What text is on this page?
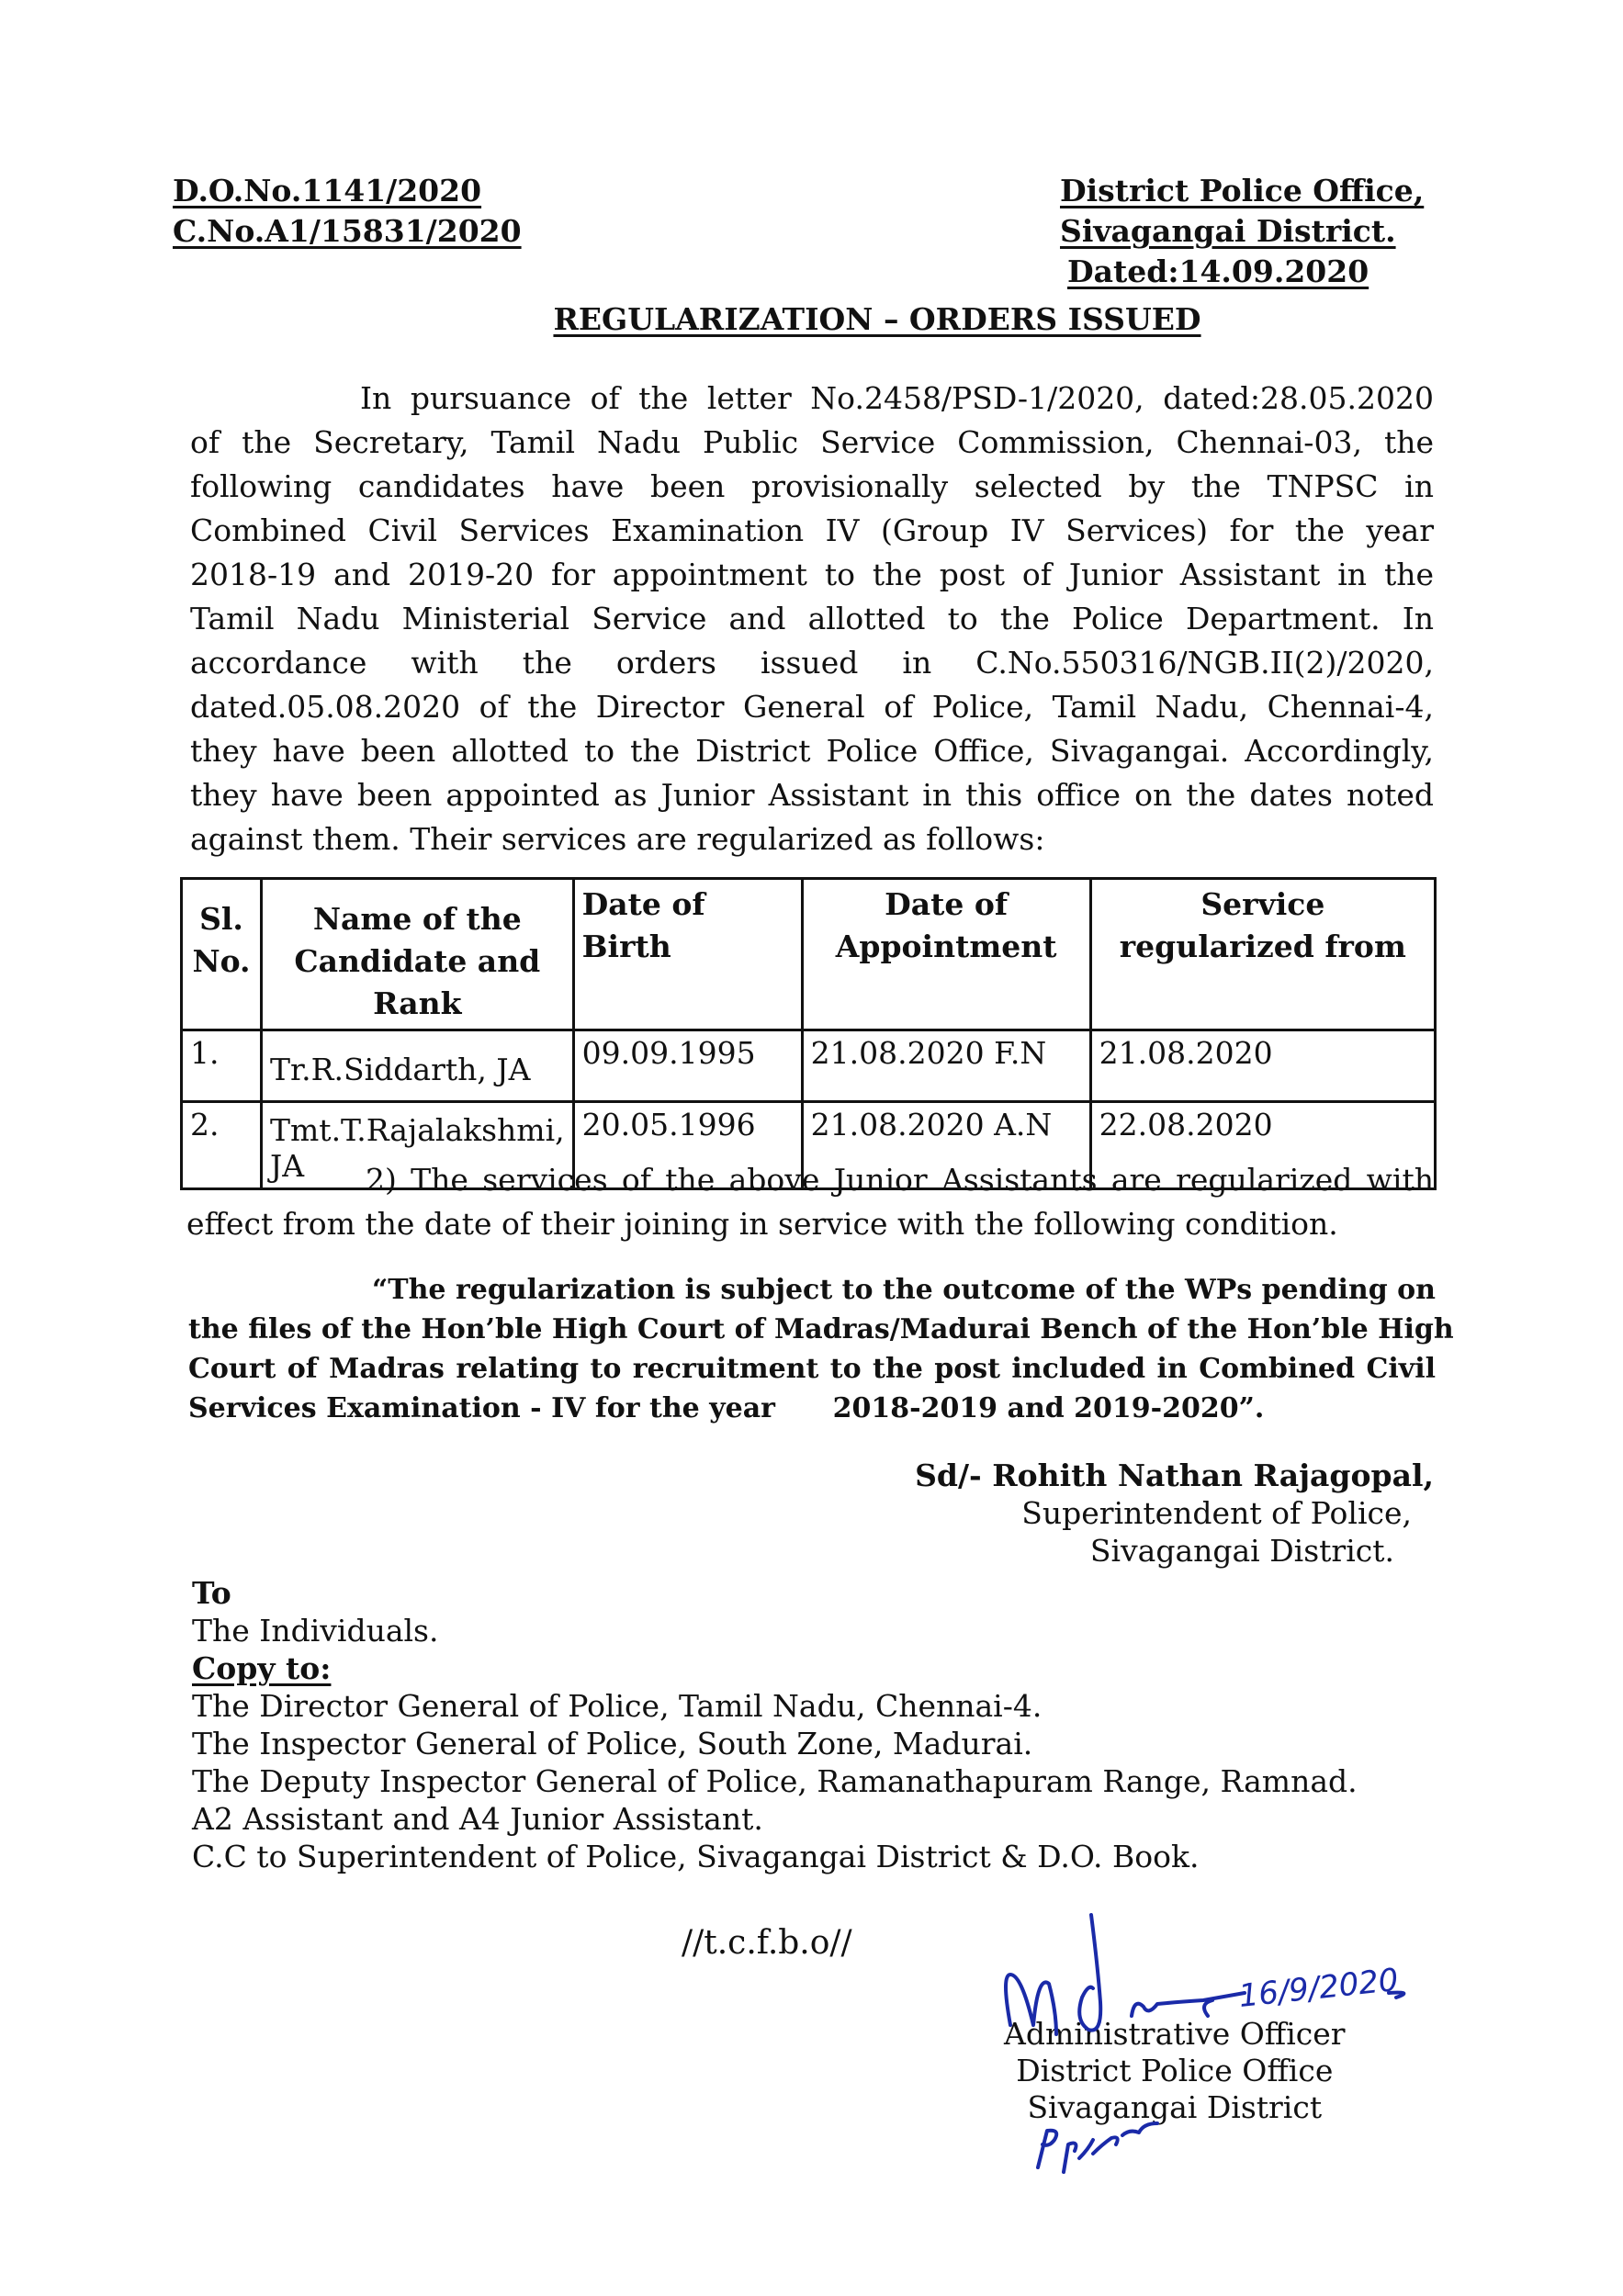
D.O.No.1141/2020
C.No.A1/15831/2020
District Police Office,
Sivagangai District.
Dated:14.09.2020
REGULARIZATION – ORDERS ISSUED
In pursuance of the letter No.2458/PSD-1/2020, dated:28.05.2020
of the Secretary, Tamil Nadu Public Service Commission, Chennai-03, the
following candidates have been provisionally selected by the TNPSC in
Combined Civil Services Examination IV (Group IV Services) for the year
2018-19 and 2019-20 for appointment to the post of Junior Assistant in the
Tamil Nadu Ministerial Service and allotted to the Police Department. In
accordance with the orders issued in C.No.550316/NGB.II(2)/2020,
dated.05.08.2020 of the Director General of Police, Tamil Nadu, Chennai-4,
they have been allotted to the District Police Office, Sivagangai. Accordingly,
they have been appointed as Junior Assistant in this office on the dates noted
against them. Their services are regularized as follows:
Sl. No.	Name of the Candidate and Rank	Date of Birth	Date of Appointment	Service regularized from
1.	Tr.R.Siddarth, JA	09.09.1995	21.08.2020 F.N	21.08.2020
2.	Tmt.T.Rajalakshmi, JA	20.05.1996	21.08.2020 A.N	22.08.2020
2) The services of the above Junior Assistants are regularized with
effect from the date of their joining in service with the following condition.
“The regularization is subject to the outcome of the WPs pending on
the files of the Hon’ble High Court of Madras/Madurai Bench of the Hon’ble High
Court of Madras relating to recruitment to the post included in Combined Civil
Services Examination - IV for the year      2018-2019 and 2019-2020”.
Sd/- Rohith Nathan Rajagopal,
Superintendent of Police,
Sivagangai District.
To
The Individuals.
Copy to:
The Director General of Police, Tamil Nadu, Chennai-4.
The Inspector General of Police, South Zone, Madurai.
The Deputy Inspector General of Police, Ramanathapuram Range, Ramnad.
A2 Assistant and A4 Junior Assistant.
C.C to Superintendent of Police, Sivagangai District & D.O. Book.
//t.c.f.b.o//
Administrative Officer
District Police Office
Sivagangai District
16/9/2020
